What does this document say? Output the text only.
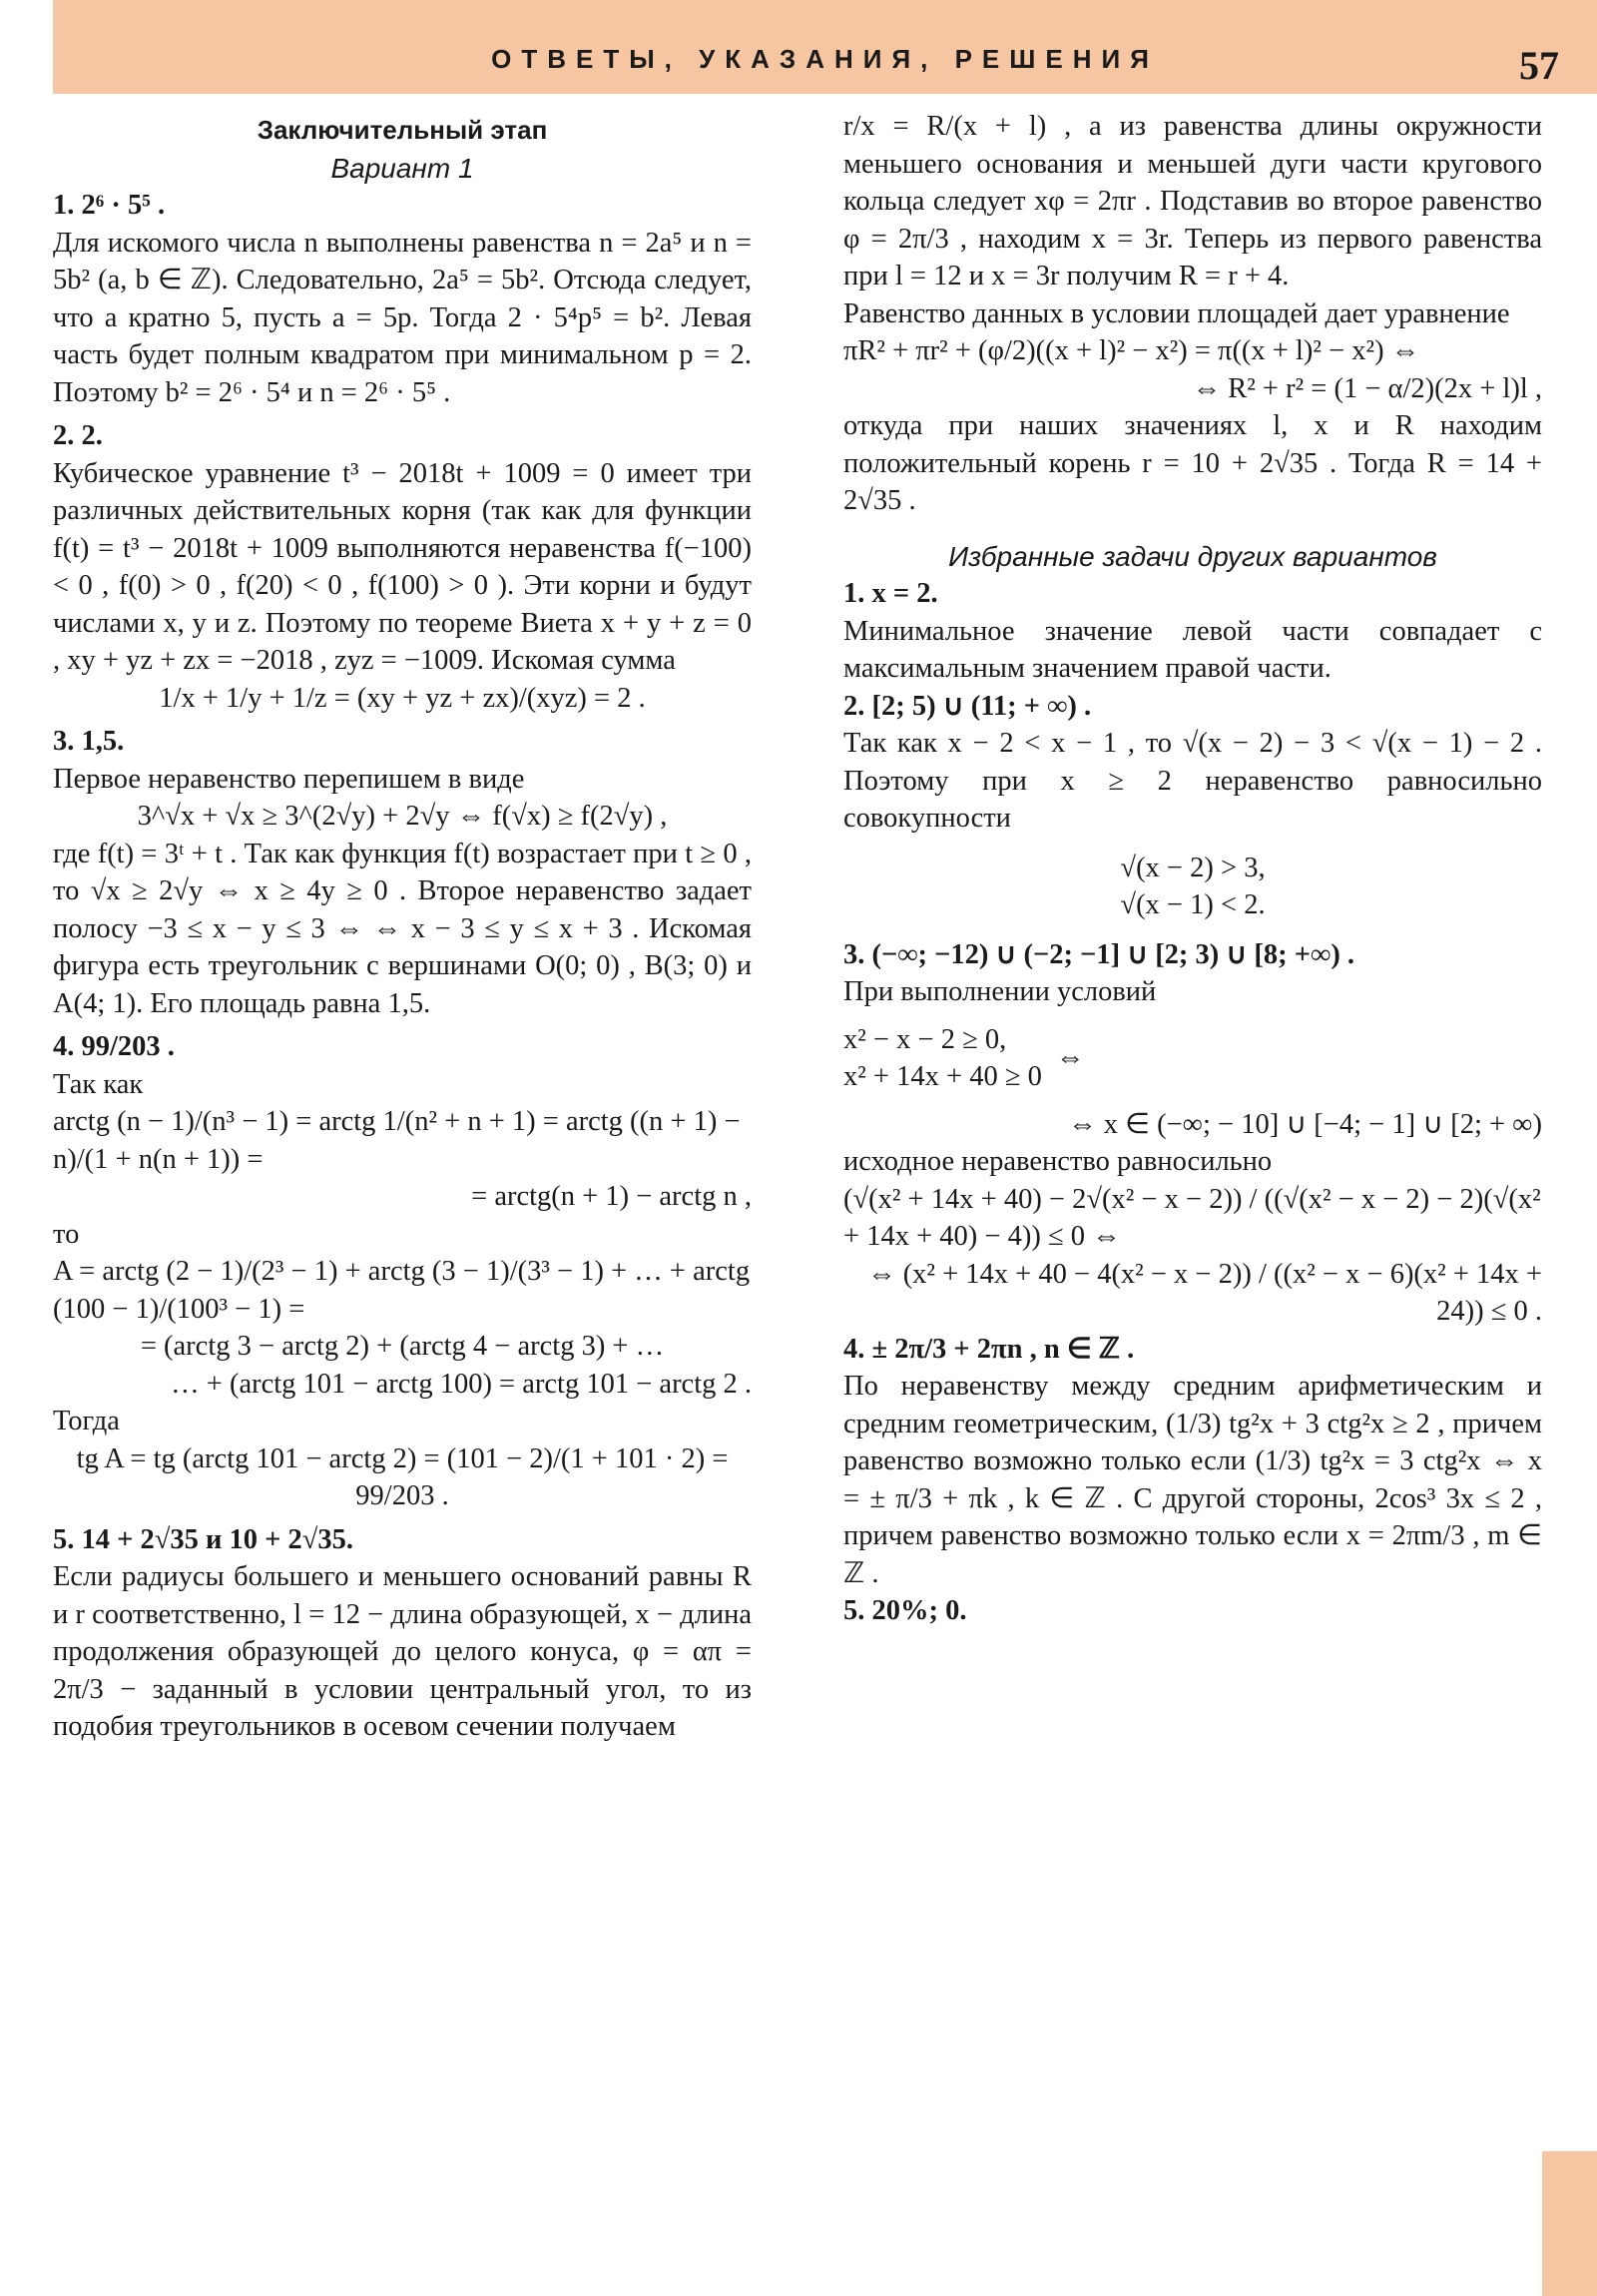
ОТВЕТЫ, УКАЗАНИЯ, РЕШЕНИЯ	57

Заключительный этап

Вариант 1

1. 2⁶ · 5⁵ .

Для искомого числа n выполнены равенства n = 2a⁵ и n = 5b² (a, b ∈ ℤ). Следовательно, 2a⁵ = 5b². Отсюда следует, что a кратно 5, пусть a = 5p. Тогда 2 · 5⁴p⁵ = b². Левая часть будет полным квадратом при минимальном p = 2. Поэтому b² = 2⁶ · 5⁴ и n = 2⁶ · 5⁵ .

2. 2.

Кубическое уравнение t³ − 2018t + 1009 = 0 имеет три различных действительных корня (так как для функции f(t) = t³ − 2018t + 1009 выполняются неравенства f(−100) < 0 , f(0) > 0 , f(20) < 0 , f(100) > 0 ). Эти корни и будут числами x, y и z. Поэтому по теореме Виета x + y + z = 0 , xy + yz + zx = −2018 , zyz = −1009. Искомая сумма

1/x + 1/y + 1/z = (xy + yz + zx)/(xyz) = 2 .

3. 1,5.

Первое неравенство перепишем в виде

3^√x + √x ≥ 3^(2√y) + 2√y ⇔ f(√x) ≥ f(2√y) ,

где f(t) = 3ᵗ + t . Так как функция f(t) возрастает при t ≥ 0 , то √x ≥ 2√y ⇔ x ≥ 4y ≥ 0 . Второе неравенство задает полосу −3 ≤ x − y ≤ 3 ⇔ ⇔ x − 3 ≤ y ≤ x + 3 . Искомая фигура есть треугольник с вершинами O(0; 0) , B(3; 0) и A(4; 1). Его площадь равна 1,5.

4. 99/203 .

Так как

arctg (n − 1)/(n³ − 1) = arctg 1/(n² + n + 1) = arctg ((n + 1) − n)/(1 + n(n + 1)) =

= arctg(n + 1) − arctg n ,

то

A = arctg (2 − 1)/(2³ − 1) + arctg (3 − 1)/(3³ − 1) + … + arctg (100 − 1)/(100³ − 1) =

= (arctg 3 − arctg 2) + (arctg 4 − arctg 3) + …

… + (arctg 101 − arctg 100) = arctg 101 − arctg 2 .

Тогда

tg A = tg (arctg 101 − arctg 2) = (101 − 2)/(1 + 101 · 2) = 99/203 .

5. 14 + 2√35 и 10 + 2√35.

Если радиусы большего и меньшего оснований равны R и r соответственно, l = 12 − длина образующей, x − длина продолжения образующей до целого конуса, φ = απ = 2π/3 − заданный в условии центральный угол, то из подобия треугольников в осевом сечении получаем

r/x = R/(x + l) , а из равенства длины окружности меньшего основания и меньшей дуги части кругового кольца следует xφ = 2πr . Подставив во второе равенство φ = 2π/3 , находим x = 3r. Теперь из первого равенства при l = 12 и x = 3r получим R = r + 4.

Равенство данных в условии площадей дает уравнение

πR² + πr² + (φ/2)((x + l)² − x²) = π((x + l)² − x²) ⇔

⇔ R² + r² = (1 − α/2)(2x + l)l ,

откуда при наших значениях l, x и R находим положительный корень r = 10 + 2√35 . Тогда R = 14 + 2√35 .

Избранные задачи других вариантов

1. x = 2.

Минимальное значение левой части совпадает с максимальным значением правой части.

2. [2; 5) ∪ (11; + ∞) .

Так как x − 2 < x − 1 , то √(x − 2) − 3 < √(x − 1) − 2 . Поэтому при x ≥ 2 неравенство равносильно совокупности

√(x − 2) > 3,
√(x − 1) < 2.

3. (−∞; −12) ∪ (−2; −1] ∪ [2; 3) ∪ [8; +∞) .

При выполнении условий

x² − x − 2 ≥ 0,
x² + 14x + 40 ≥ 0
⇔

⇔ x ∈ (−∞; − 10] ∪ [−4; − 1] ∪ [2; + ∞)

исходное неравенство равносильно

(√(x² + 14x + 40) − 2√(x² − x − 2)) / ((√(x² − x − 2) − 2)(√(x² + 14x + 40) − 4)) ≤ 0 ⇔

⇔ (x² + 14x + 40 − 4(x² − x − 2)) / ((x² − x − 6)(x² + 14x + 24)) ≤ 0 .

4. ± 2π/3 + 2πn , n ∈ ℤ .

По неравенству между средним арифметическим и средним геометрическим, (1/3) tg²x + 3 ctg²x ≥ 2 , причем равенство возможно только если (1/3) tg²x = 3 ctg²x ⇔ x = ± π/3 + πk , k ∈ ℤ . С другой стороны, 2cos³ 3x ≤ 2 , причем равенство возможно только если x = 2πm/3 , m ∈ ℤ .

5. 20%; 0.
